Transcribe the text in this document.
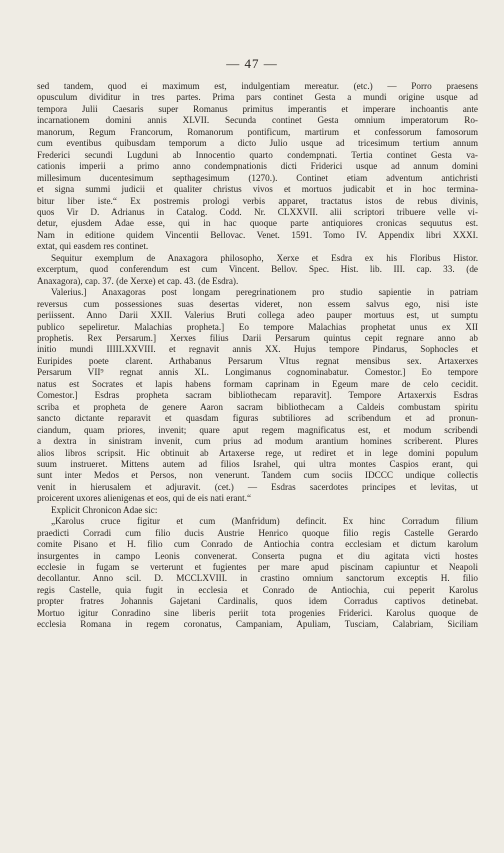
— 47 —

sed tandem, quod ei maximum est, indulgentiam mereatur. (etc.) — Porro praesens

opusculum dividitur in tres partes. Prima pars continet Gesta a mundi origine usque ad

tempora Julii Caesaris super Romanus primitus imperantis et imperare inchoantis ante

incarnationem domini annis XLVII. Secunda continet Gesta omnium imperatorum Ro-

manorum, Regum Francorum, Romanorum pontificum, martirum et confessorum famosorum

cum eventibus quibusdam temporum a dicto Julio usque ad tricesimum tertium annum

Frederici secundi Lugduni ab Innocentio quarto condempnati. Tertia continet Gesta va-

cationis imperii a primo anno condempnationis dicti Friderici usque ad annum domini

millesimum ducentesimum septhagesimum (1270.). Continet etiam adventum antichristi

et signa summi judicii et qualiter christus vivos et mortuos judicabit et in hoc termina-

bitur liber iste.“ Ex postremis prologi verbis apparet, tractatus istos de rebus divinis,

quos Vir D. Adrianus in Catalog. Codd. Nr. CLXXVII. alii scriptori tribuere velle vi-

detur, ejusdem Adae esse, qui in hac quoque parte antiquiores cronicas sequutus est.

Nam in editione quidem Vincentii Bellovac. Venet. 1591. Tomo IV. Appendix libri XXXI.

extat, qui easdem res continet.

Sequitur exemplum de Anaxagora philosopho, Xerxe et Esdra ex his Floribus Histor.

excerptum, quod conferendum est cum Vincent. Bellov. Spec. Hist. lib. III. cap. 33. (de

Anaxagora), cap. 37. (de Xerxe) et cap. 43. (de Esdra).

Valerius.] Anaxagoras post longam peregrinationem pro studio sapientie in patriam

reversus cum possessiones suas desertas videret, non essem salvus ego, nisi iste

periissent. Anno Darii XXII. Valerius Bruti collega adeo pauper mortuus est, ut sumptu

publico sepeliretur. Malachias propheta.] Eo tempore Malachias prophetat unus ex XII

prophetis. Rex Persarum.] Xerxes filius Darii Persarum quintus cepit regnare anno ab

initio mundi IIIILXXVIII. et regnavit annis XX. Hujus tempore Pindarus, Sophocles et

Euripides poete clarent. Arthabanus Persarum VItus regnat mensibus sex. Artaxerxes

Persarum VII⁹ regnat annis XL. Longimanus cognominabatur. Comestor.] Eo tempore

natus est Socrates et lapis habens formam caprinam in Egeum mare de celo cecidit.

Comestor.] Esdras propheta sacram bibliothecam reparavit]. Tempore Artaxerxis Esdras

scriba et propheta de genere Aaron sacram bibliothecam a Caldeis combustam spiritu

sancto dictante reparavit et quasdam figuras subtiliores ad scribendum et ad pronun-

ciandum, quam priores, invenit; quare aput regem magnificatus est, et modum scribendi

a dextra in sinistram invenit, cum prius ad modum arantium homines scriberent. Plures

alios libros scripsit. Hic obtinuit ab Artaxerse rege, ut rediret et in lege domini populum

suum instrueret. Mittens autem ad filios Israhel, qui ultra montes Caspios erant, qui

sunt inter Medos et Persos, non venerunt. Tandem cum sociis IDCCC undique collectis

venit in hierusalem et adjuravit. (cet.) — Esdras sacerdotes principes et levitas, ut

proicerent uxores alienigenas et eos, qui de eis nati erant.“

Explicit Chronicon Adae sic:

„Karolus cruce figitur et cum (Manfridum) defincit. Ex hinc Corradum filium

praedicti Corradi cum filio ducis Austrie Henrico quoque filio regis Castelle Gerardo

comite Pisano et H. filio cum Conrado de Antiochia contra ecclesiam et dictum karolum

insurgentes in campo Leonis convenerat. Conserta pugna et diu agitata victi hostes

ecclesie in fugam se verterunt et fugientes per mare apud piscinam capiuntur et Neapoli

decollantur. Anno scil. D. MCCLXVIII. in crastino omnium sanctorum exceptis H. filio

regis Castelle, quia fugit in ecclesia et Conrado de Antiochia, cui peperit Karolus

propter fratres Johannis Gajetani Cardinalis, quos idem Corradus captivos detinebat.

Mortuo igitur Conradino sine liberis periit tota progenies Friderici. Karolus quoque de

ecclesia Romana in regem coronatus, Campaniam, Apuliam, Tusciam, Calabriam, Siciliam
